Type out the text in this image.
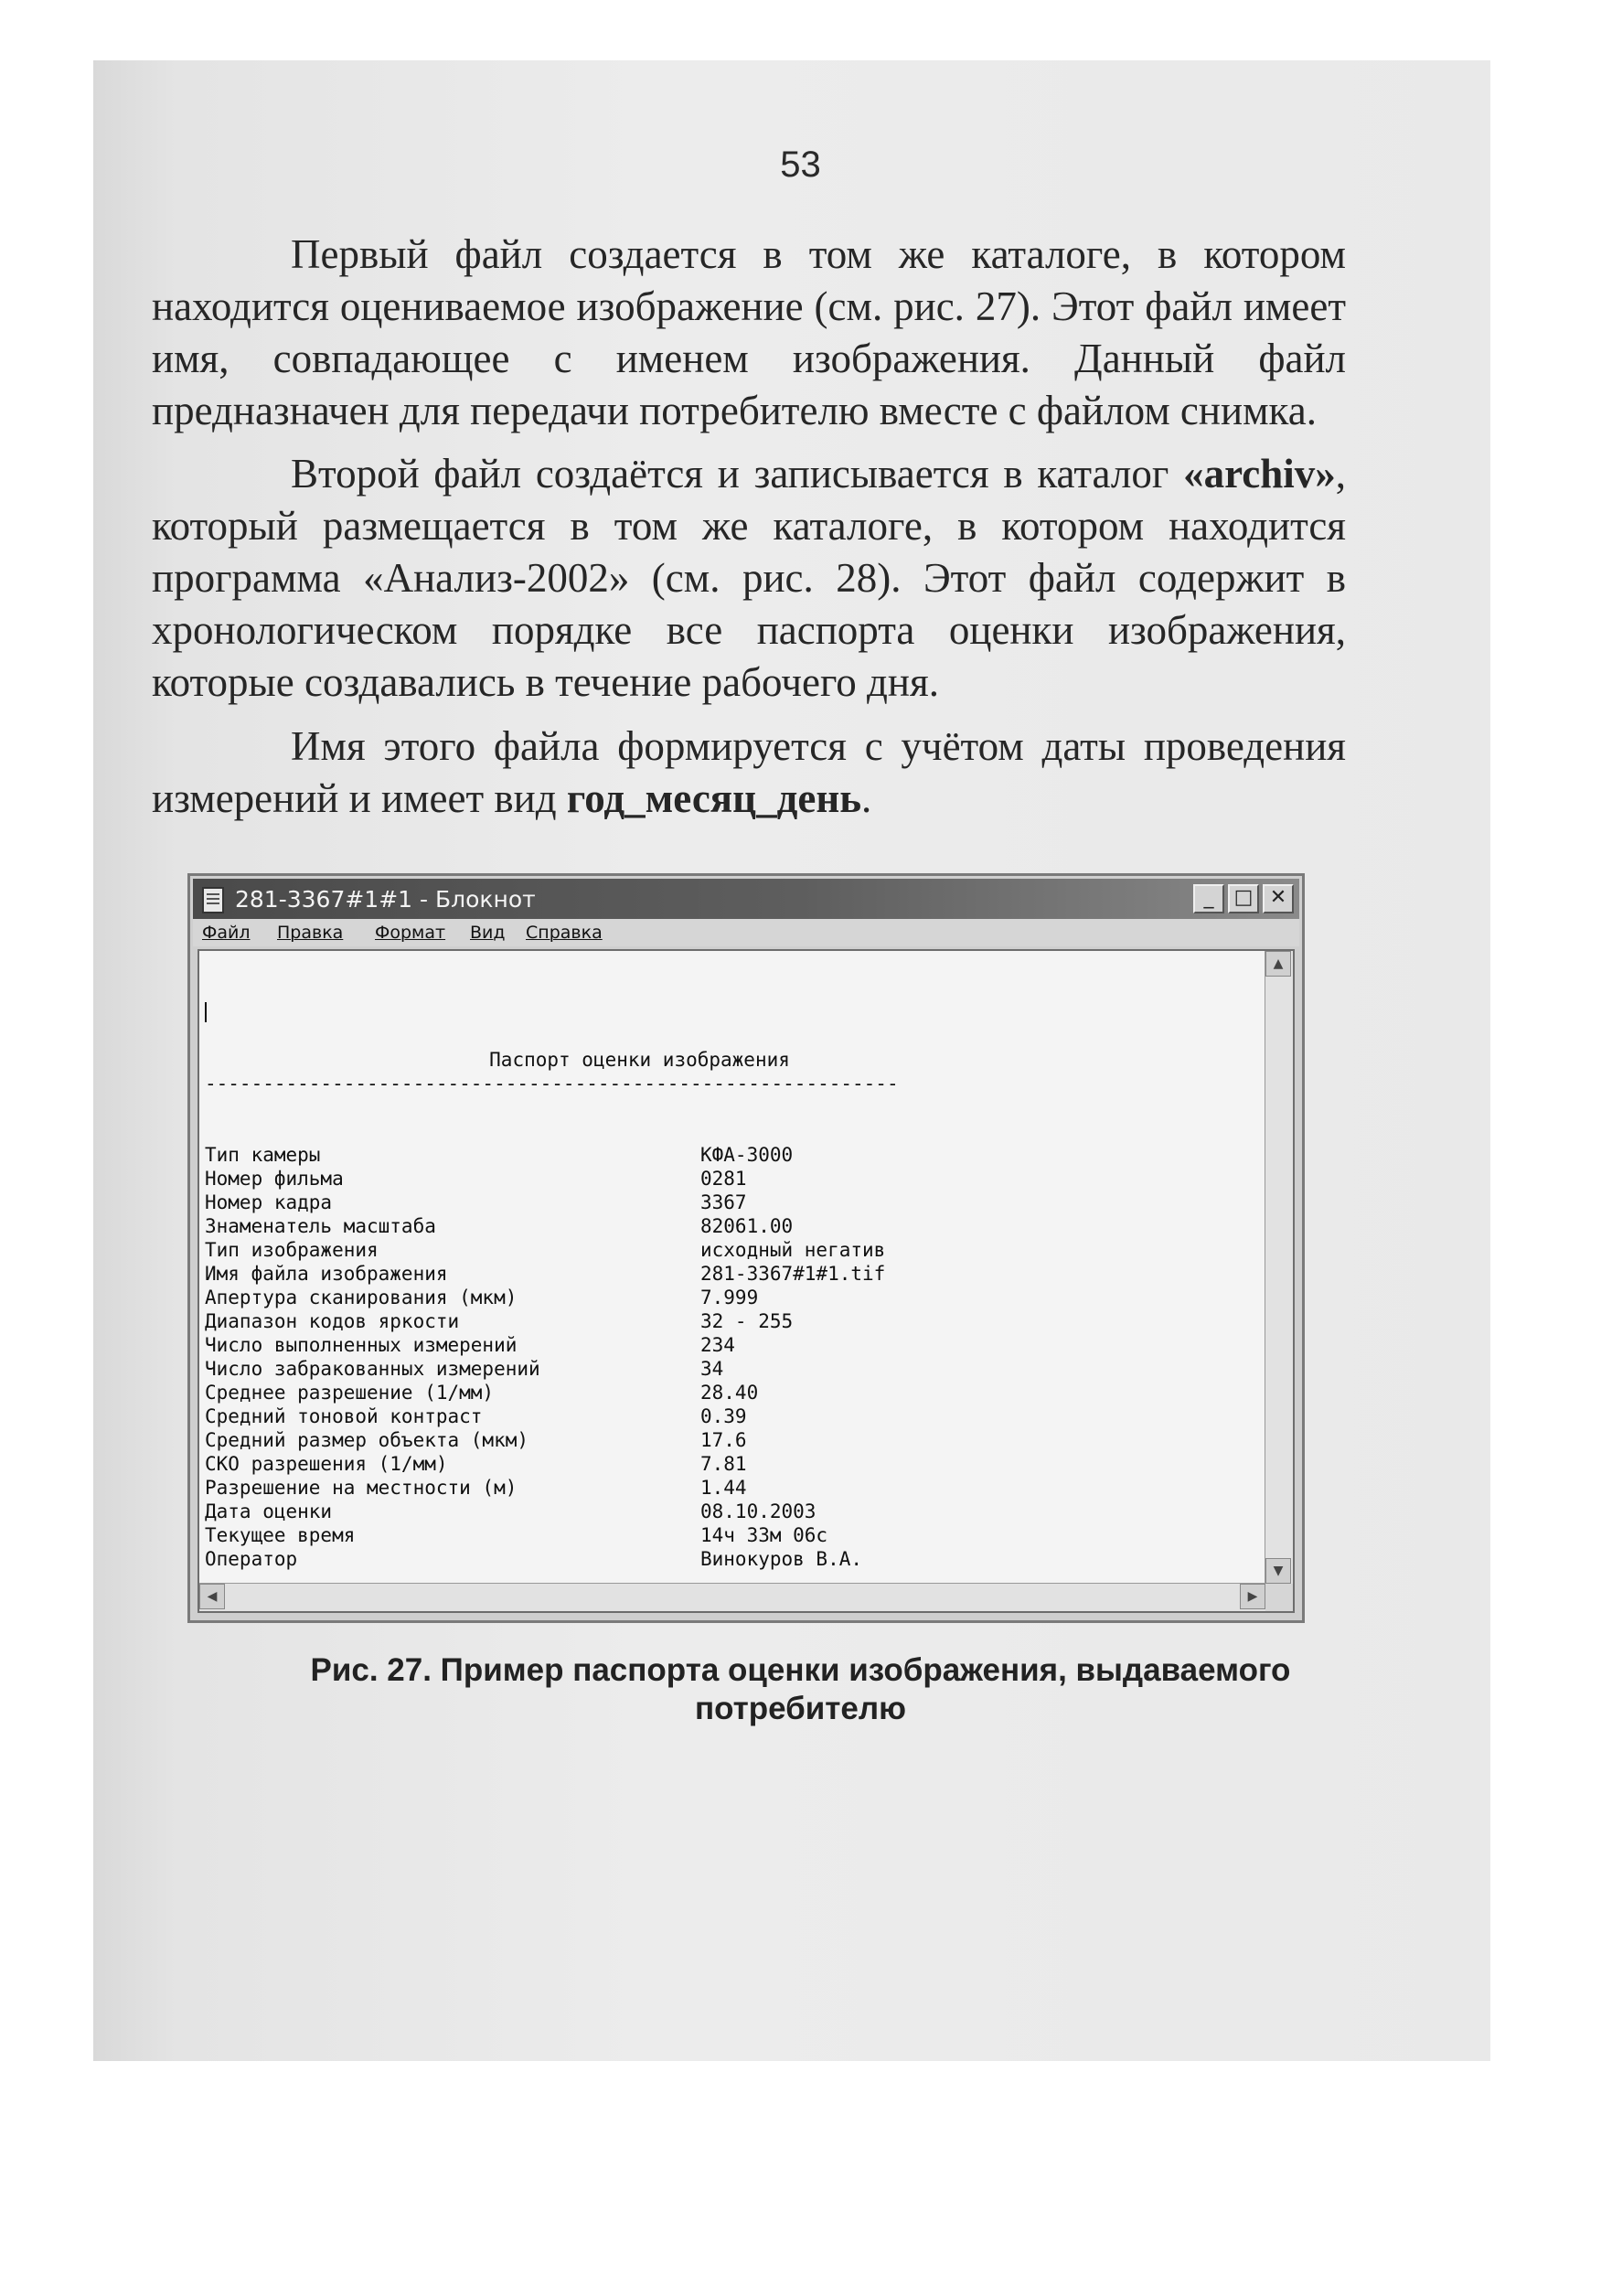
53

Первый файл создается в том же каталоге, в котором находится оцениваемое изображение (см. рис. 27). Этот файл имеет имя, совпадающее с именем изображения. Данный файл предназначен для передачи потребителю вместе с файлом снимка.

Второй файл создаётся и записывается в каталог «archiv», который размещается в том же каталоге, в котором находится программа «Анализ-2002» (см. рис. 28). Этот файл содержит в хронологическом порядке все паспорта оценки изображения, которые создавались в течение рабочего дня.

Имя этого файла формируется с учётом даты проведения измерений и имеет вид год_месяц_день.

281-3367#1#1 - Блокнот	_	□ ✕
Файл Правка Формат Вид Справка

Паспорт оценки изображения

------------------------------------------------------------

Тип камеры	КФА-3000
Номер фильма	0281
Номер кадра	3367
Знаменатель масштаба	82061.00
Тип изображения	исходный негатив
Имя файла изображения	281-3367#1#1.tif
Апертура сканирования (мкм)	7.999
Диапазон кодов яркости	32 - 255
Число выполненных измерений	234
Число забракованных измерений	34
Среднее разрешение (1/мм)	28.40
Средний тоновой контраст	0.39
Средний размер объекта (мкм)	17.6
СКО разрешения (1/мм)	7.81
Разрешение на местности (м)	1.44
Дата оценки	08.10.2003
Текущее время	14ч 33м 06с
Оператор	Винокуров В.А.

▲
▼
◀	▶
Рис. 27. Пример паспорта оценки изображения, выдаваемого
потребителю
